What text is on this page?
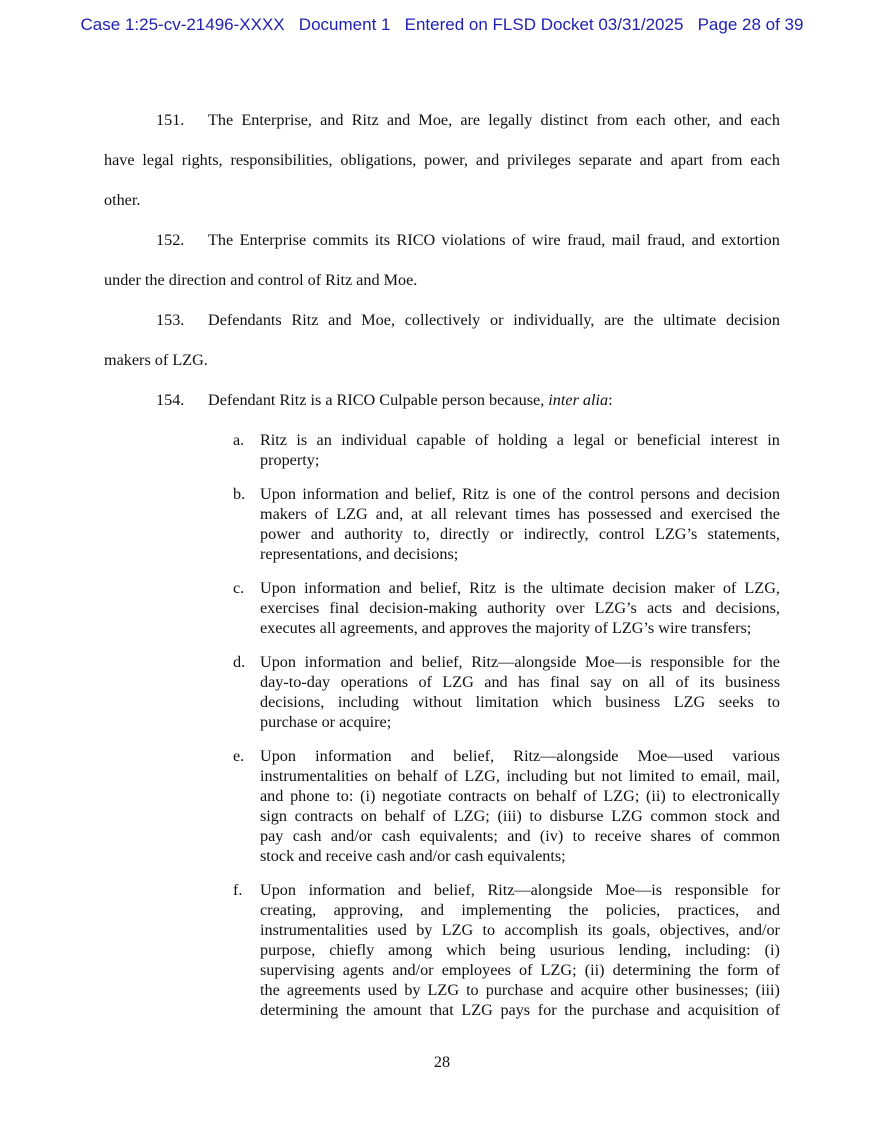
Case 1:25-cv-21496-XXXX   Document 1   Entered on FLSD Docket 03/31/2025   Page 28 of 39
151. The Enterprise, and Ritz and Moe, are legally distinct from each other, and each
have legal rights, responsibilities, obligations, power, and privileges separate and apart from each
other.
152. The Enterprise commits its RICO violations of wire fraud, mail fraud, and extortion
under the direction and control of Ritz and Moe.
153. Defendants Ritz and Moe, collectively or individually, are the ultimate decision
makers of LZG.
154. Defendant Ritz is a RICO Culpable person because, inter alia:
a. Ritz is an individual capable of holding a legal or beneficial interest in
property;
b. Upon information and belief, Ritz is one of the control persons and decision
makers of LZG and, at all relevant times has possessed and exercised the
power and authority to, directly or indirectly, control LZG’s statements,
representations, and decisions;
c. Upon information and belief, Ritz is the ultimate decision maker of LZG,
exercises final decision-making authority over LZG’s acts and decisions,
executes all agreements, and approves the majority of LZG’s wire transfers;
d. Upon information and belief, Ritz—alongside Moe—is responsible for the
day-to-day operations of LZG and has final say on all of its business
decisions, including without limitation which business LZG seeks to
purchase or acquire;
e. Upon information and belief, Ritz—alongside Moe—used various
instrumentalities on behalf of LZG, including but not limited to email, mail,
and phone to: (i) negotiate contracts on behalf of LZG; (ii) to electronically
sign contracts on behalf of LZG; (iii) to disburse LZG common stock and
pay cash and/or cash equivalents; and (iv) to receive shares of common
stock and receive cash and/or cash equivalents;
f. Upon information and belief, Ritz—alongside Moe—is responsible for
creating, approving, and implementing the policies, practices, and
instrumentalities used by LZG to accomplish its goals, objectives, and/or
purpose, chiefly among which being usurious lending, including: (i)
supervising agents and/or employees of LZG; (ii) determining the form of
the agreements used by LZG to purchase and acquire other businesses; (iii)
determining the amount that LZG pays for the purchase and acquisition of
28
